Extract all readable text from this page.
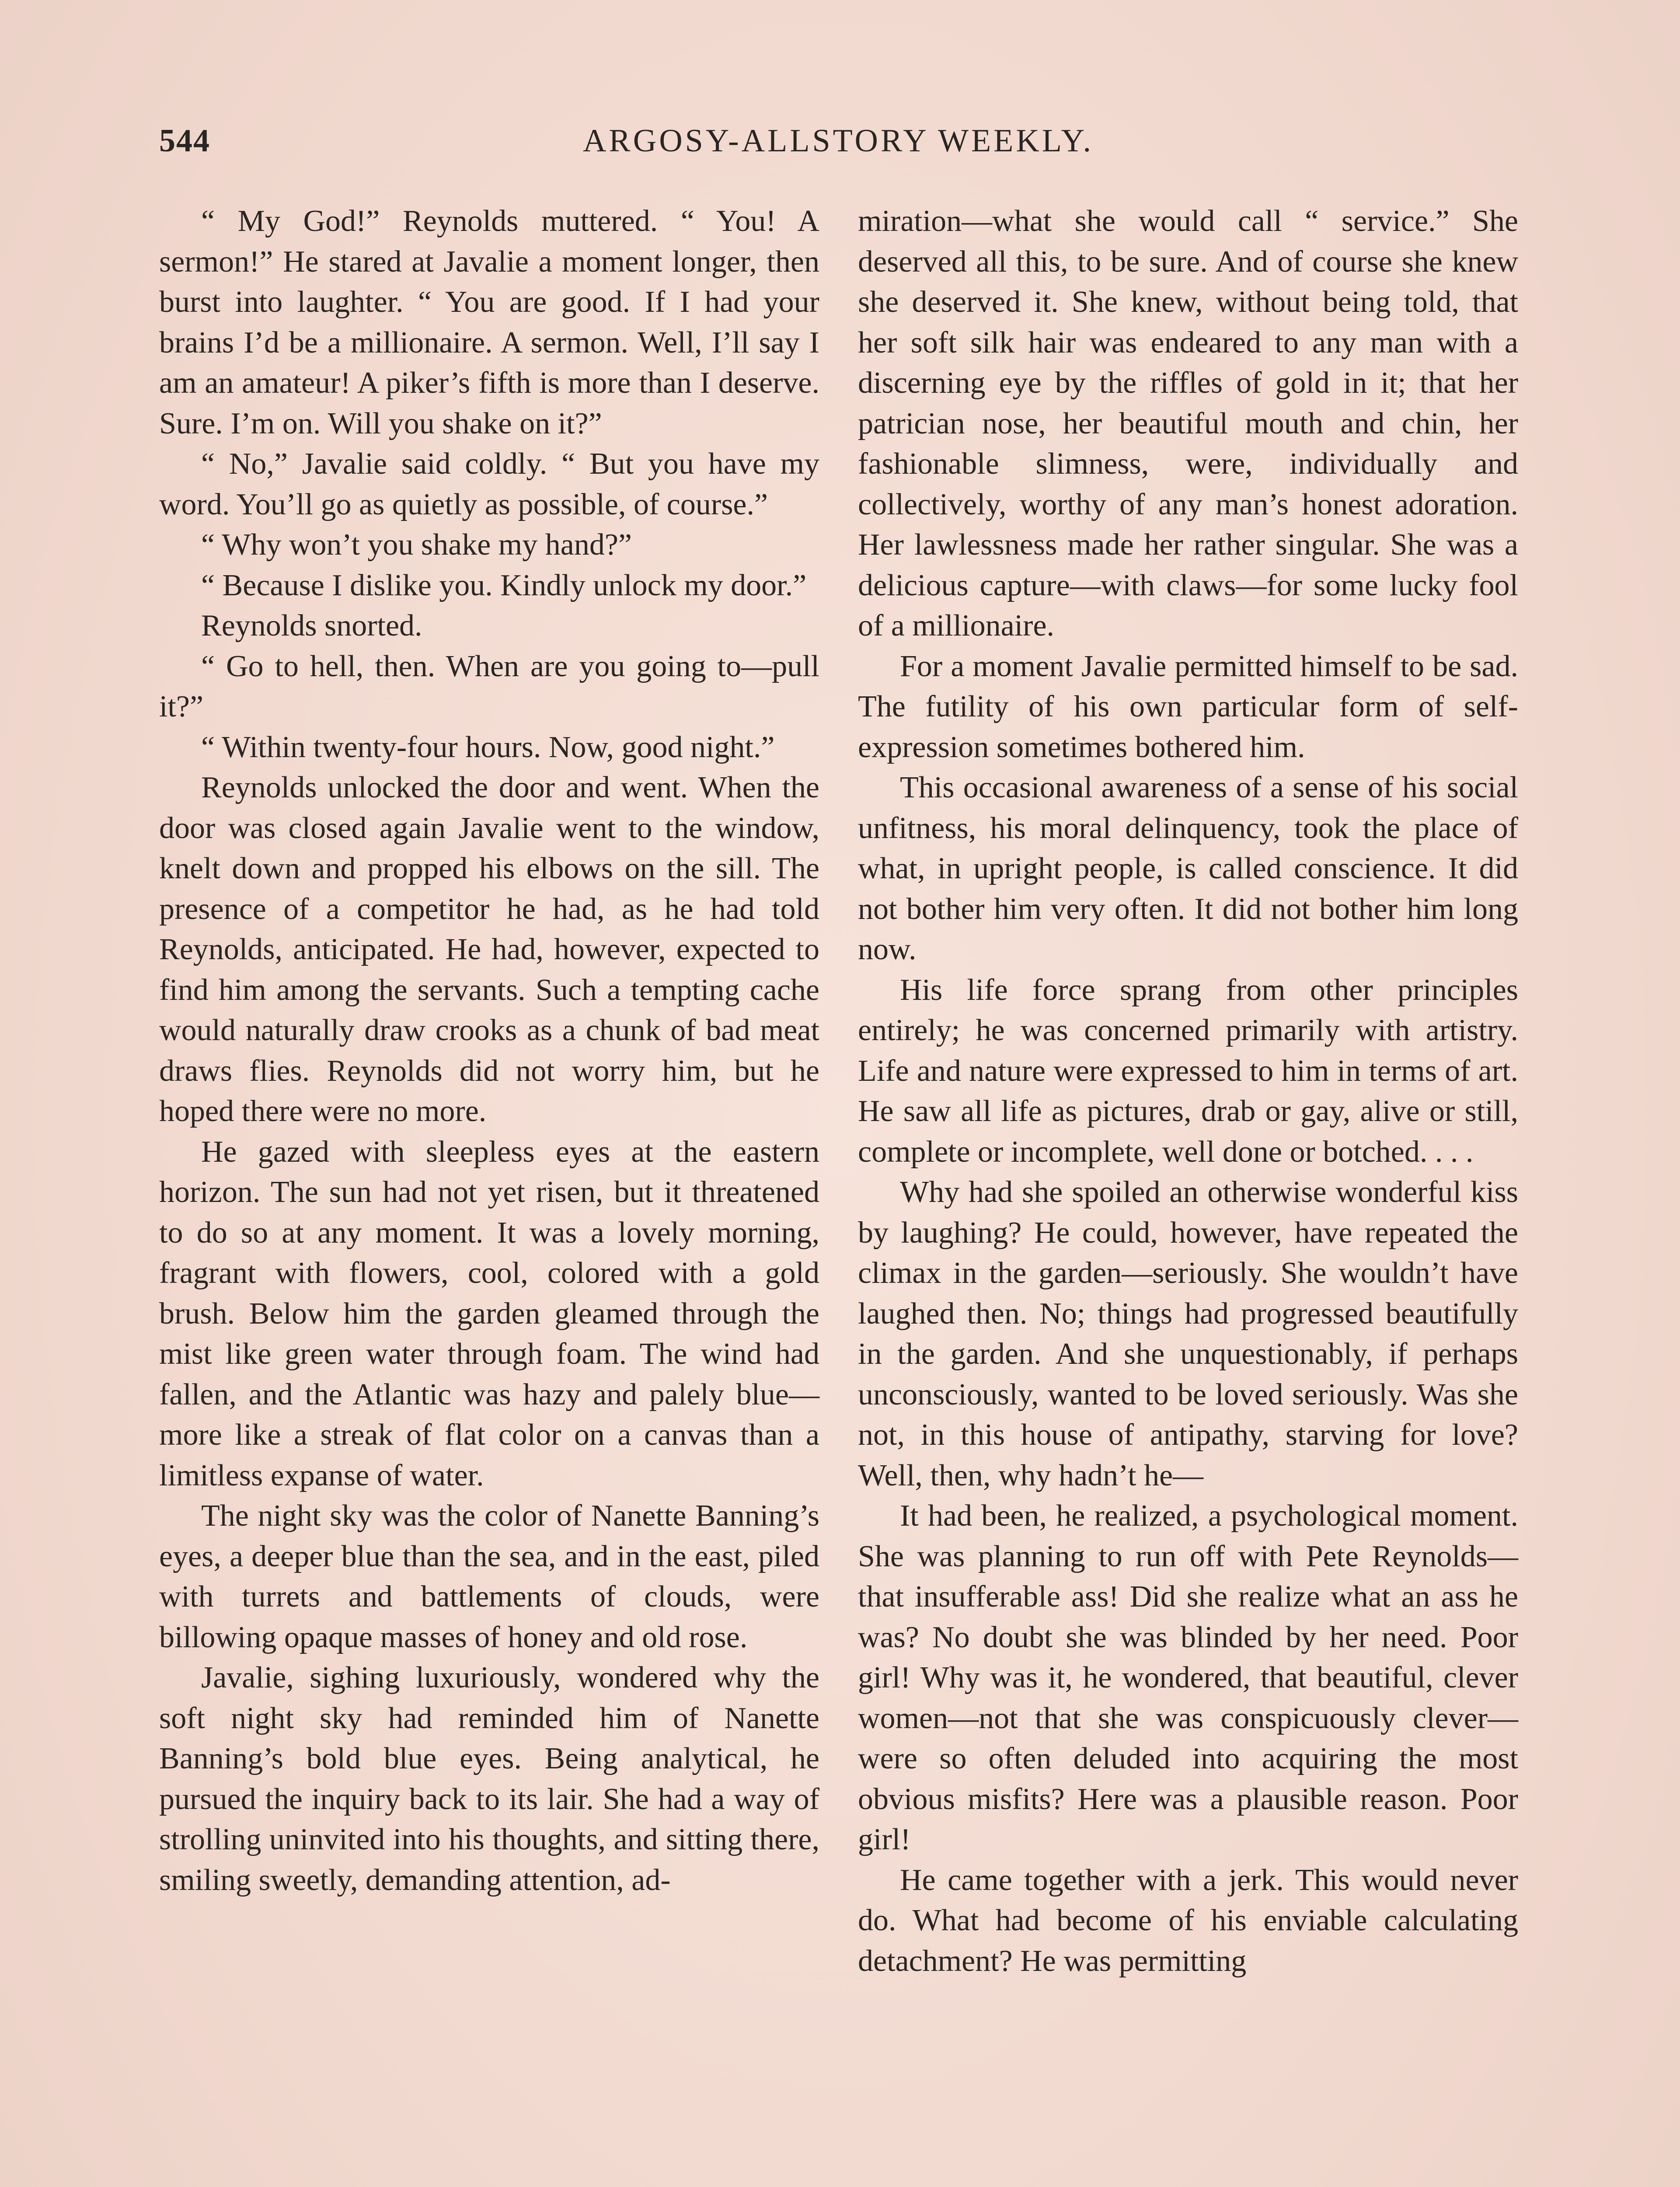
544	ARGOSY-ALLSTORY WEEKLY.

“ My God!” Reynolds muttered. “ You! A sermon!” He stared at Javalie a moment longer, then burst into laughter. “ You are good. If I had your brains I’d be a millionaire. A sermon. Well, I’ll say I am an amateur! A piker’s fifth is more than I deserve. Sure. I’m on. Will you shake on it?”

“ No,” Javalie said coldly. “ But you have my word. You’ll go as quietly as possible, of course.”

“ Why won’t you shake my hand?”

“ Because I dislike you. Kindly unlock my door.”

Reynolds snorted.

“ Go to hell, then. When are you going to—pull it?”

“ Within twenty-four hours. Now, good night.”

Reynolds unlocked the door and went. When the door was closed again Javalie went to the window, knelt down and propped his elbows on the sill. The presence of a competitor he had, as he had told Reynolds, anticipated. He had, however, expected to find him among the servants. Such a tempting cache would naturally draw crooks as a chunk of bad meat draws flies. Reynolds did not worry him, but he hoped there were no more.

He gazed with sleepless eyes at the eastern horizon. The sun had not yet risen, but it threatened to do so at any moment. It was a lovely morning, fragrant with flowers, cool, colored with a gold brush. Below him the garden gleamed through the mist like green water through foam. The wind had fallen, and the Atlantic was hazy and palely blue—more like a streak of flat color on a canvas than a limitless expanse of water.

The night sky was the color of Nanette Banning’s eyes, a deeper blue than the sea, and in the east, piled with turrets and battlements of clouds, were billowing opaque masses of honey and old rose.

Javalie, sighing luxuriously, wondered why the soft night sky had reminded him of Nanette Banning’s bold blue eyes. Being analytical, he pursued the inquiry back to its lair. She had a way of strolling uninvited into his thoughts, and sitting there, smiling sweetly, demanding attention, ad-

miration—what she would call “ service.” She deserved all this, to be sure. And of course she knew she deserved it. She knew, without being told, that her soft silk hair was endeared to any man with a discerning eye by the riffles of gold in it; that her patrician nose, her beautiful mouth and chin, her fashionable slimness, were, individually and collectively, worthy of any man’s honest adoration. Her lawlessness made her rather singular. She was a delicious capture—with claws—for some lucky fool of a millionaire.

For a moment Javalie permitted himself to be sad. The futility of his own particular form of self-expression sometimes bothered him.

This occasional awareness of a sense of his social unfitness, his moral delinquency, took the place of what, in upright people, is called conscience. It did not bother him very often. It did not bother him long now.

His life force sprang from other principles entirely; he was concerned primarily with artistry. Life and nature were expressed to him in terms of art. He saw all life as pictures, drab or gay, alive or still, complete or incomplete, well done or botched. . . .

Why had she spoiled an otherwise wonderful kiss by laughing? He could, however, have repeated the climax in the garden—seriously. She wouldn’t have laughed then. No; things had progressed beautifully in the garden. And she unquestionably, if perhaps unconsciously, wanted to be loved seriously. Was she not, in this house of antipathy, starving for love? Well, then, why hadn’t he—

It had been, he realized, a psychological moment. She was planning to run off with Pete Reynolds—that insufferable ass! Did she realize what an ass he was? No doubt she was blinded by her need. Poor girl! Why was it, he wondered, that beautiful, clever women—not that she was conspicuously clever—were so often deluded into acquiring the most obvious misfits? Here was a plausible reason. Poor girl!

He came together with a jerk. This would never do. What had become of his enviable calculating detachment? He was permitting
